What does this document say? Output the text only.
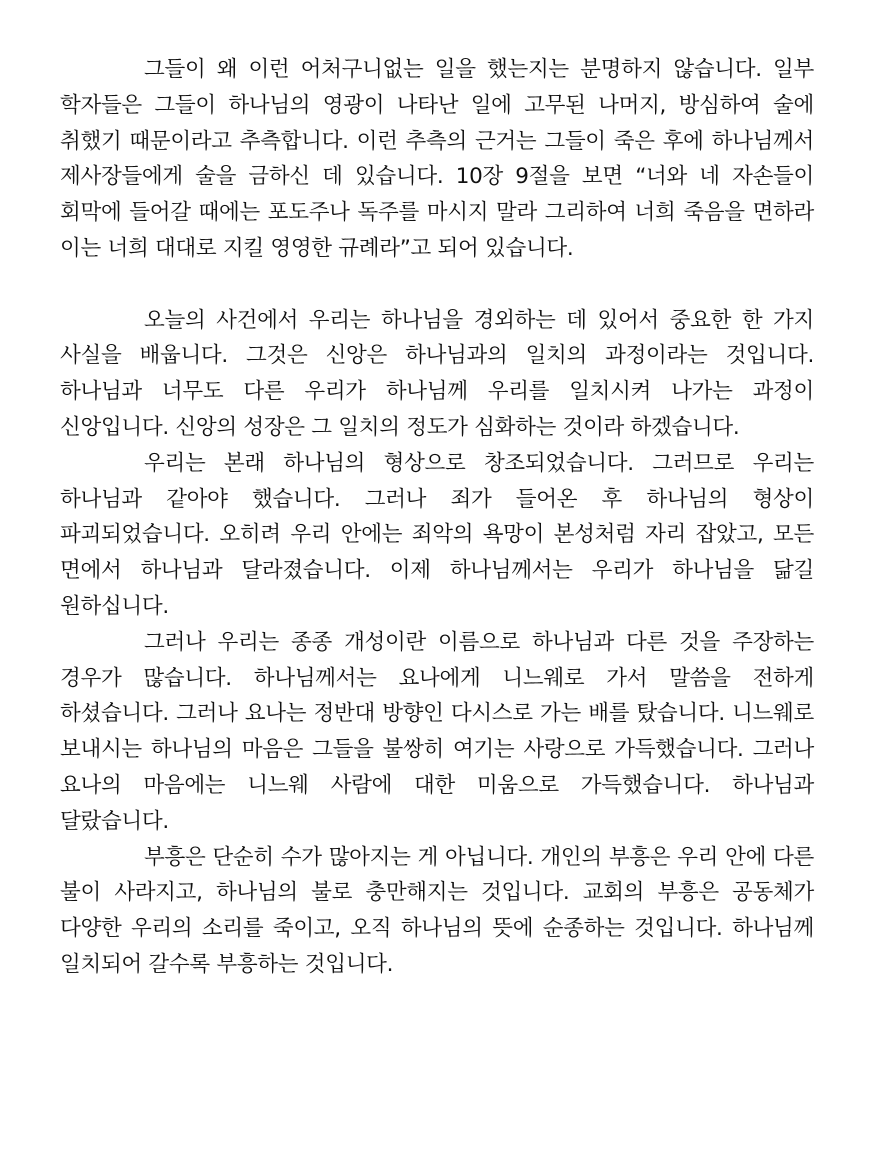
그들이 왜 이런 어처구니없는 일을 했는지는 분명하지 않습니다. 일부 학자들은 그들이 하나님의 영광이 나타난 일에 고무된 나머지, 방심하여 술에 취했기 때문이라고 추측합니다. 이런 추측의 근거는 그들이 죽은 후에 하나님께서 제사장들에게 술을 금하신 데 있습니다. 10장 9절을 보면 “너와 네 자손들이 회막에 들어갈 때에는 포도주나 독주를 마시지 말라 그리하여 너희 죽음을 면하라 이는 너희 대대로 지킬 영영한 규례라”고 되어 있습니다.

오늘의 사건에서 우리는 하나님을 경외하는 데 있어서 중요한 한 가지 사실을 배웁니다. 그것은 신앙은 하나님과의 일치의 과정이라는 것입니다. 하나님과 너무도 다른 우리가 하나님께 우리를 일치시켜 나가는 과정이 신앙입니다. 신앙의 성장은 그 일치의 정도가 심화하는 것이라 하겠습니다.

우리는 본래 하나님의 형상으로 창조되었습니다. 그러므로 우리는 하나님과 같아야 했습니다. 그러나 죄가 들어온 후 하나님의 형상이 파괴되었습니다. 오히려 우리 안에는 죄악의 욕망이 본성처럼 자리 잡았고, 모든 면에서 하나님과 달라졌습니다. 이제 하나님께서는 우리가 하나님을 닮길 원하십니다.

그러나 우리는 종종 개성이란 이름으로 하나님과 다른 것을 주장하는 경우가 많습니다. 하나님께서는 요나에게 니느웨로 가서 말씀을 전하게 하셨습니다. 그러나 요나는 정반대 방향인 다시스로 가는 배를 탔습니다. 니느웨로 보내시는 하나님의 마음은 그들을 불쌍히 여기는 사랑으로 가득했습니다. 그러나 요나의 마음에는 니느웨 사람에 대한 미움으로 가득했습니다. 하나님과 달랐습니다.

부흥은 단순히 수가 많아지는 게 아닙니다. 개인의 부흥은 우리 안에 다른 불이 사라지고, 하나님의 불로 충만해지는 것입니다. 교회의 부흥은 공동체가 다양한 우리의 소리를 죽이고, 오직 하나님의 뜻에 순종하는 것입니다. 하나님께 일치되어 갈수록 부흥하는 것입니다.
